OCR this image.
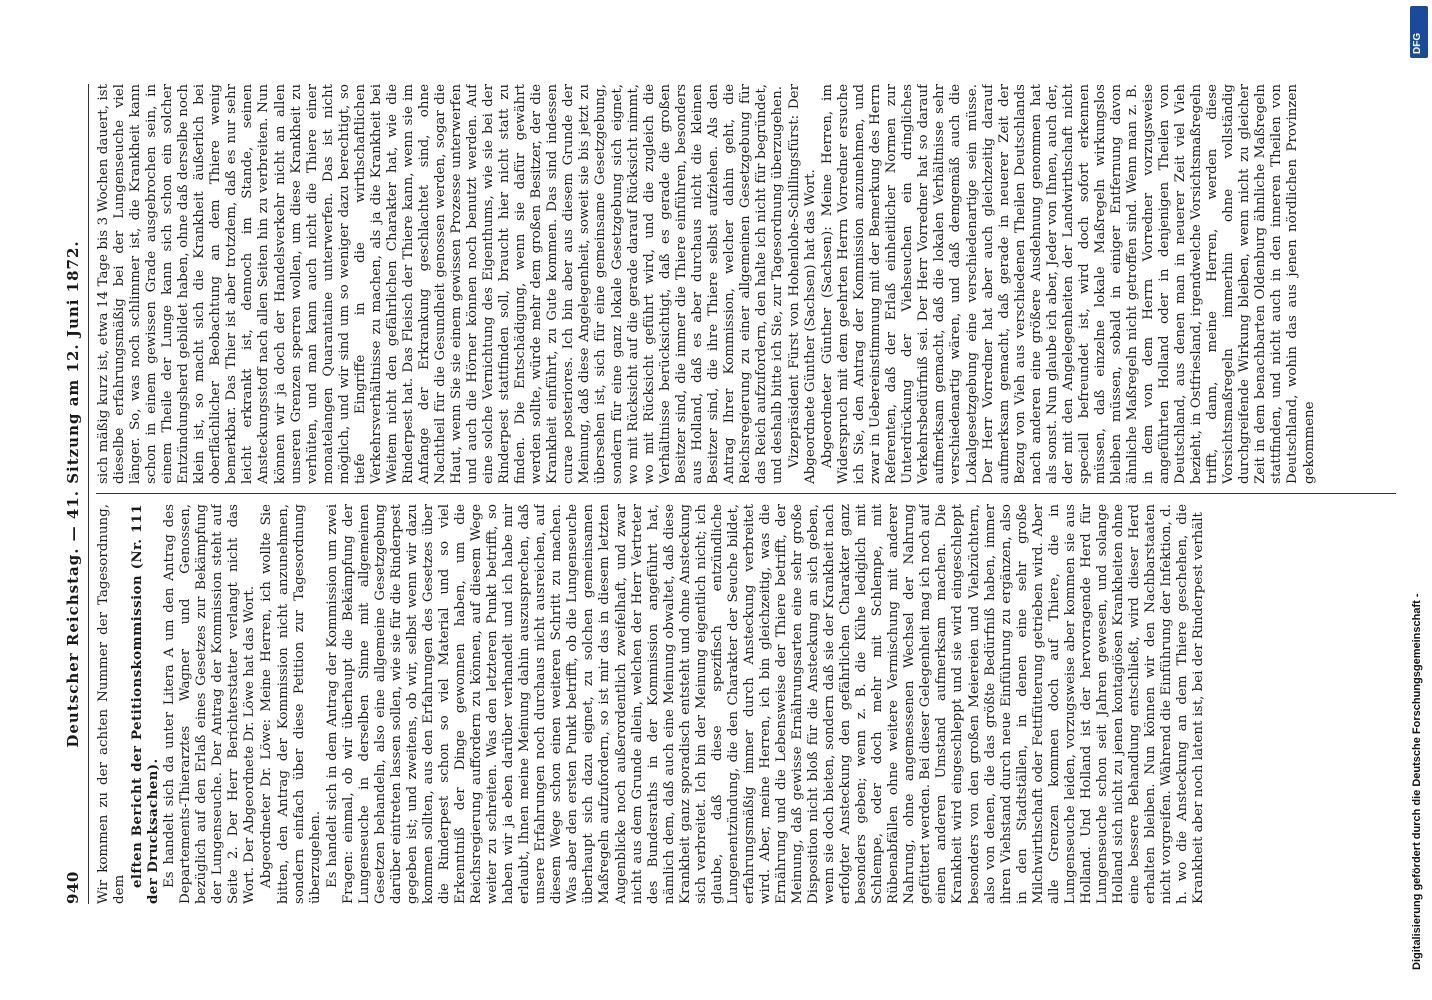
940
Deutscher Reichstag. — 41. Sitzung am 12. Juni 1872. Wir kommen zu der achten Nummer der Tagesordnung, dem

elften Bericht der Petitionskommission (Nr. 111 der Drucksachen). Es handelt sich da unter Litera A um den Antrag des Departements-Thierarztes Wagner und Genossen, bezüglich auf den Erlaß eines Gesetzes zur Bekämpfung der Lungenseuche. Der Antrag der Kommission steht auf Seite 2. Der Herr Berichterstatter verlangt nicht das Wort. Der Abgeordnete Dr. Löwe hat das Wort. Abgeordneter Dr. Löwe: Meine Herren, ich wollte Sie bitten, den Antrag der Kommission nicht anzunehmen, sondern einfach über diese Petition zur Tagesordnung überzugehen. Es handelt sich in dem Antrag der Kommission um zwei Fragen: einmal, ob wir überhaupt die Bekämpfung der Lungenseuche in derselben Sinne mit allgemeinen Gesetzen behandeln, also eine allgemeine Gesetzgebung darüber eintreten lassen sollen, wie sie für die Rinderpest gegeben ist; und zweitens, ob wir, selbst wenn wir dazu kommen sollten, aus den Erfahrungen des Gesetzes über die Rinderpest schon so viel Material und so viel Erkenntniß der Dinge gewonnen haben, um die Reichsregierung auffordern zu können, auf diesem Wege weiter zu schreiten. Was den letzteren Punkt betrifft, so haben wir ja eben darüber verhandelt und ich habe mir erlaubt, Ihnen meine Meinung dahin auszusprechen, daß unsere Erfahrungen noch durchaus nicht ausreichen, auf diesem Wege schon einen weiteren Schritt zu machen. Was aber den ersten Punkt betrifft, ob die Lungenseuche überhaupt sich dazu eignet, zu solchen gemeinsamen Maßregeln aufzufordern, so ist mir das in diesem letzten Augenblicke noch außerordentlich zweifelhaft, und zwar nicht aus dem Grunde allein, welchen der Herr Vertreter des Bundesraths in der Kommission angeführt hat, nämlich dem, daß auch eine Meinung obwaltet, daß diese Krankheit ganz sporadisch entsteht und ohne Ansteckung sich verbreitet. Ich bin der Meinung eigentlich nicht; ich glaube, daß diese spezifisch entzündliche Lungenentzündung, die den Charakter der Seuche bildet, erfahrungsmäßig immer durch Ansteckung verbreitet wird. Aber, meine Herren, ich bin gleichzeitig, was die Ernährung und die Lebensweise der Thiere betrifft, der Meinung, daß gewisse Ernährungsarten eine sehr große Disposition nicht bloß für die Ansteckung an sich geben, wenn sie doch bieten, sondern daß sie der Krankheit nach erfolgter Ansteckung den gefährlichen Charakter ganz besonders geben; wenn z. B. die Kühe lediglich mit Schlempe, oder doch mehr mit Schlempe, mit Rübenabfällen ohne weitere Vermischung mit anderer Nahrung, ohne angemessenen Wechsel der Nahrung gefüttert werden. Bei dieser Gelegenheit mag ich noch auf einen anderen Umstand aufmerksam machen. Die Krankheit wird eingeschleppt und sie wird eingeschleppt besonders von den großen Meiereien und Viehzüchtern, also von denen, die das größte Bedürfniß haben, immer ihren Viehstand durch neue Einführung zu ergänzen, also in den Stadtställen, in denen eine sehr große Milchwirthschaft oder Fettfütterung getrieben wird. Aber alle Grenzen kommen doch auf Thiere, die in Lungenseuche leiden, vorzugsweise aber kommen sie aus Holland. Und Holland ist der hervorragende Herd für Lungenseuche schon seit Jahren gewesen, und solange Holland sich nicht zu jenen kontagiösen Krankheiten ohne eine bessere Behandlung entschließt, wird dieser Herd erhalten bleiben. Nun können wir den Nachbarstaaten nicht vorgreifen. Während die Einführung der Infektion, d. h. wo die Ansteckung an dem Thiere geschehen, die Krankheit aber noch latent ist, bei der Rinderpest verhält

sich mäßig kurz ist, etwa 14 Tage bis 3 Wochen dauert, ist dieselbe erfahrungsmäßig bei der Lungenseuche viel länger. So, was noch schlimmer ist, die Krankheit kann schon in einem gewissen Grade ausgebrochen sein, in einem Theile der Lunge kann sich schon ein solcher Entzündungsherd gebildet haben, ohne daß derselbe noch klein ist, so macht sich die Krankheit äußerlich bei oberflächlicher Beobachtung an dem Thiere wenig bemerkbar. Das Thier ist aber trotzdem, daß es nur sehr leicht erkrankt ist, dennoch im Stande, seinen Ansteckungsstoff nach allen Seiten hin zu verbreiten. Nun können wir ja doch der Handelsverkehr nicht an allen unseren Grenzen sperren wollen, um diese Krankheit zu verhüten, und man kann auch nicht die Thiere einer monatelangen Quarantaine unterwerfen. Das ist nicht möglich, und wir sind um so weniger dazu berechtigt, so tiefe Eingriffe in die wirthschaftlichen Verkehrsverhältnisse zu machen, als ja die Krankheit bei Weitem nicht den gefährlichen Charakter hat, wie die Rinderpest hat. Das Fleisch der Thiere kann, wenn sie im Anfange der Erkrankung geschlachtet sind, ohne Nachtheil für die Gesundheit genossen werden, sogar die Haut, wenn Sie sie einem gewissen Prozesse unterwerfen und auch die Hörner können noch benutzt werden. Auf eine solche Vernichtung des Eigenthums, wie sie bei der Rinderpest stattfinden soll, braucht hier nicht statt zu finden. Die Entschädigung, wenn sie dafür gewährt werden sollte, würde mehr dem großen Besitzer, der die Krankheit einführt, zu Gute kommen. Das sind indessen curae posteriores. Ich bin aber aus diesem Grunde der Meinung, daß diese Angelegenheit, soweit sie bis jetzt zu übersehen ist, sich für eine gemeinsame Gesetzgebung, sondern für eine ganz lokale Gesetzgebung sich eignet, wo mit Rücksicht auf die gerade darauf Rücksicht nimmt, wo mit Rücksicht geführt wird, und die zugleich die Verhältnisse berücksichtigt, daß es gerade die großen Besitzer sind, die immer die Thiere einführen, besonders aus Holland, daß es aber durchaus nicht die kleinen Besitzer sind, die ihre Thiere selbst aufziehen. Als den Antrag Ihrer Kommission, welcher dahin geht, die Reichsregierung zu einer allgemeinen Gesetzgebung für das Reich aufzufordern, den halte ich nicht für begründet, und deshalb bitte ich Sie, zur Tagesordnung überzugehen. Vizepräsident Fürst von Hohenlohe-Schillingsfürst: Der Abgeordnete Günther (Sachsen) hat das Wort. Abgeordneter Günther (Sachsen): Meine Herren, im Widerspruch mit dem geehrten Herrn Vorredner ersuche ich Sie, den Antrag der Kommission anzunehmen, und zwar in Uebereinstimmung mit der Bemerkung des Herrn Referenten, daß der Erlaß einheitlicher Normen zur Unterdrückung der Viehseuchen ein dringliches Verkehrsbedürfniß sei. Der Herr Vorredner hat so darauf aufmerksam gemacht, daß die lokalen Verhältnisse sehr verschiedenartig wären, und daß demgemäß auch die Lokalgesetzgebung eine verschiedenartige sein müsse. Der Herr Vorredner hat aber auch gleichzeitig darauf aufmerksam gemacht, daß gerade in neuerer Zeit der Bezug von Vieh aus verschiedenen Theilen Deutschlands nach anderen eine größere Ausdehnung genommen hat als sonst. Nun glaube ich aber, Jeder von Ihnen, auch der, der mit den Angelegenheiten der Landwirthschaft nicht speciell befreundet ist, wird doch sofort erkennen müssen, daß einzelne lokale Maßregeln wirkungslos bleiben müssen, sobald in einiger Entfernung davon ähnliche Maßregeln nicht getroffen sind. Wenn man z. B. in dem von dem Herrn Vorredner vorzugsweise angeführten Holland oder in denjenigen Theilen von Deutschland, aus denen man in neuerer Zeit viel Vieh bezieht, in Ostfriesland, irgendwelche Vorsichtsmaßregeln trifft, dann, meine Herren, werden diese Vorsichtsmaßregeln immerhin ohne vollständig durchgreifende Wirkung bleiben, wenn nicht zu gleicher Zeit in dem benachbarten Oldenburg ähnliche Maßregeln stattfinden, und nicht auch in den inneren Theilen von Deutschland, wohin das aus jenen nördlichen Provinzen gekommene

DFG
Digitalisierung gefördert durch die Deutsche Forschungsgemeinschaft -
